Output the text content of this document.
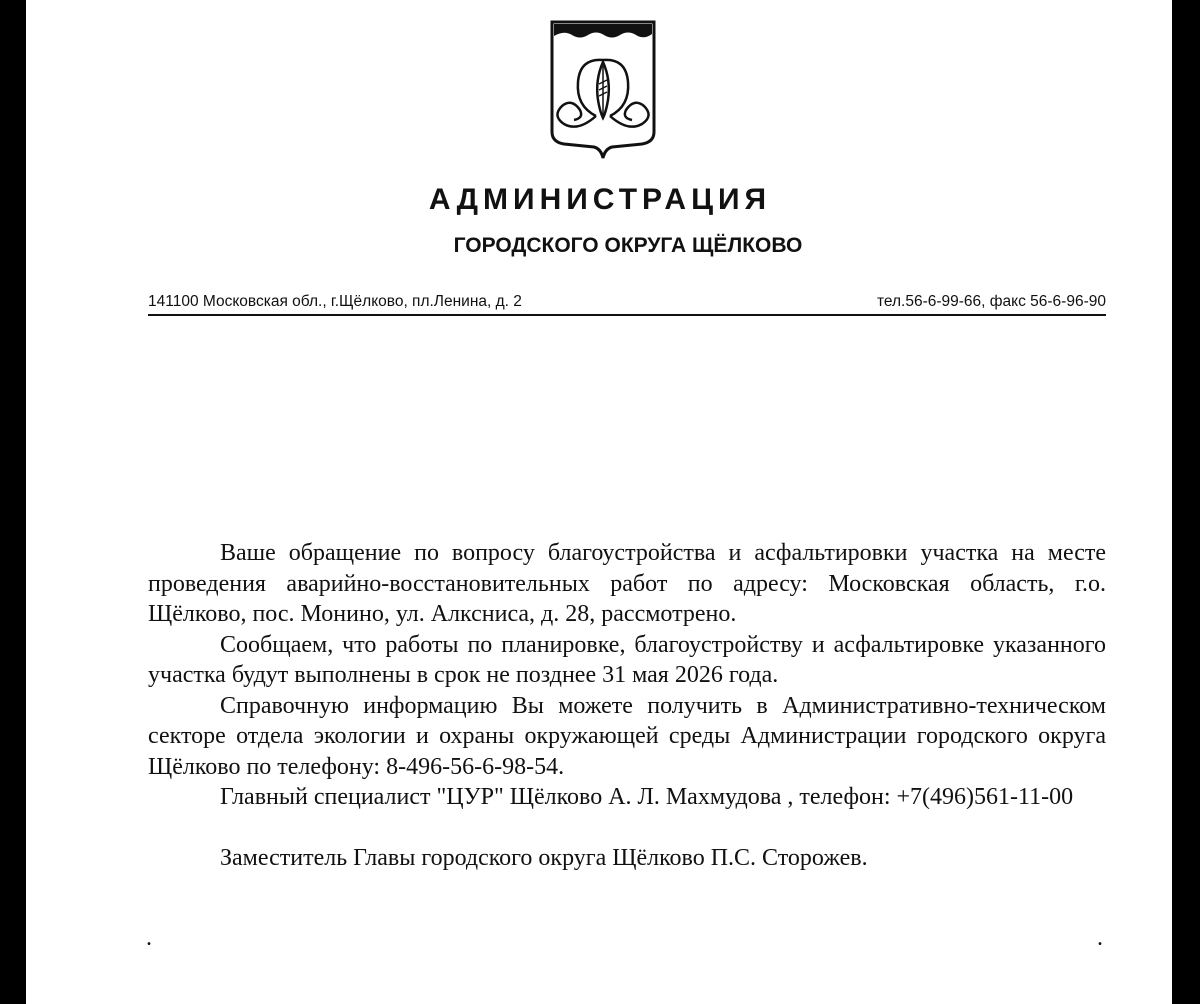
АДМИНИСТРАЦИЯ
ГОРОДСКОГО ОКРУГА ЩЁЛКОВО
141100 Московская обл., г.Щёлково, пл.Ленина, д. 2	тел.56-6-99-66, факс 56-6-96-90

Ваше обращение по вопросу благоустройства и асфальтировки участка на месте проведения аварийно-восстановительных работ по адресу: Московская область, г.о. Щёлково, пос. Монино, ул. Алксниса, д. 28, рассмотрено.

Сообщаем, что работы по планировке, благоустройству и асфальтировке указанного участка будут выполнены в срок не позднее 31 мая 2026 года.

Справочную информацию Вы можете получить в Административно-техническом секторе отдела экологии и охраны окружающей среды Администрации городского округа Щёлково по телефону: 8-496-56-6-98-54.

Главный специалист "ЦУР" Щёлково А. Л. Махмудова , телефон: +7(496)561-11-00

Заместитель Главы городского округа Щёлково П.С. Сторожев.

.	.
